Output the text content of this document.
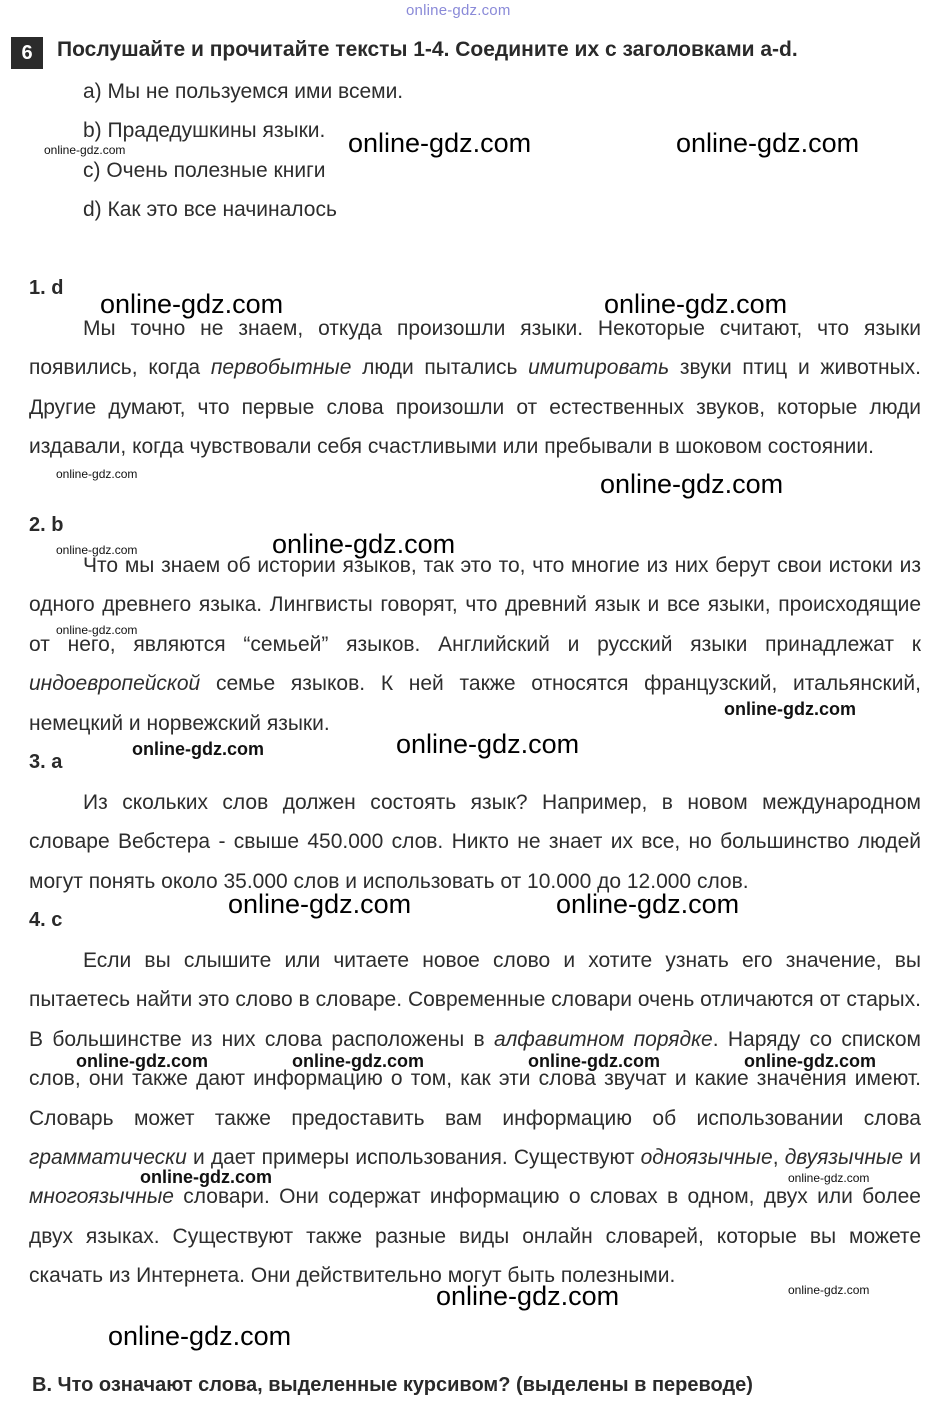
online-gdz.com
6	Послушайте и прочитайте тексты 1-4. Соедините их с заголовками a-d.
a) Мы не пользуемся ими всеми.
b) Прадедушкины языки.
c) Очень полезные книги
d) Как это все начиналось
1. d
Мы точно не знаем, откуда произошли языки. Некоторые считают, что языки появились, когда первобытные люди пытались имитировать звуки птиц и животных. Другие думают, что первые слова произошли от естественных звуков, которые люди издавали, когда чувствовали себя счастливыми или пребывали в шоковом состоянии.
2. b
Что мы знаем об истории языков, так это то, что многие из них берут свои истоки из одного древнего языка. Лингвисты говорят, что древний язык и все языки, происходящие от него, являются “семьей” языков. Английский и русский языки принадлежат к индоевропейской семье языков. К ней также относятся французский, итальянский, немецкий и норвежский языки.
3. a
Из скольких слов должен состоять язык? Например, в новом международном словаре Вебстера - свыше 450.000 слов. Никто не знает их все, но большинство людей могут понять около 35.000 слов и использовать от 10.000 до 12.000 слов.
4. c
Если вы слышите или читаете новое слово и хотите узнать его значение, вы пытаетесь найти это слово в словаре. Современные словари очень отличаются от старых. В большинстве из них слова расположены в алфавитном порядке. Наряду со списком слов, они также дают информацию о том, как эти слова звучат и какие значения имеют. Словарь может также предоставить вам информацию об использовании слова грамматически и дает примеры использования. Существуют одноязычные, двуязычные и многоязычные словари. Они содержат информацию о словах в одном, двух или более двух языках. Существуют также разные виды онлайн словарей, которые вы можете скачать из Интернета. Они действительно могут быть полезными.
online-gdz.com	online-gdz.com
online-gdz.com
online-gdz.com	online-gdz.com
online-gdz.com	online-gdz.com
online-gdz.com
online-gdz.com
online-gdz.com
online-gdz.com
online-gdz.com	online-gdz.com
online-gdz.com	online-gdz.com
online-gdz.com	online-gdz.com	online-gdz.com	online-gdz.com
online-gdz.com	online-gdz.com
online-gdz.com
online-gdz.com
online-gdz.com
B. Что означают слова, выделенные курсивом? (выделены в переводе)
